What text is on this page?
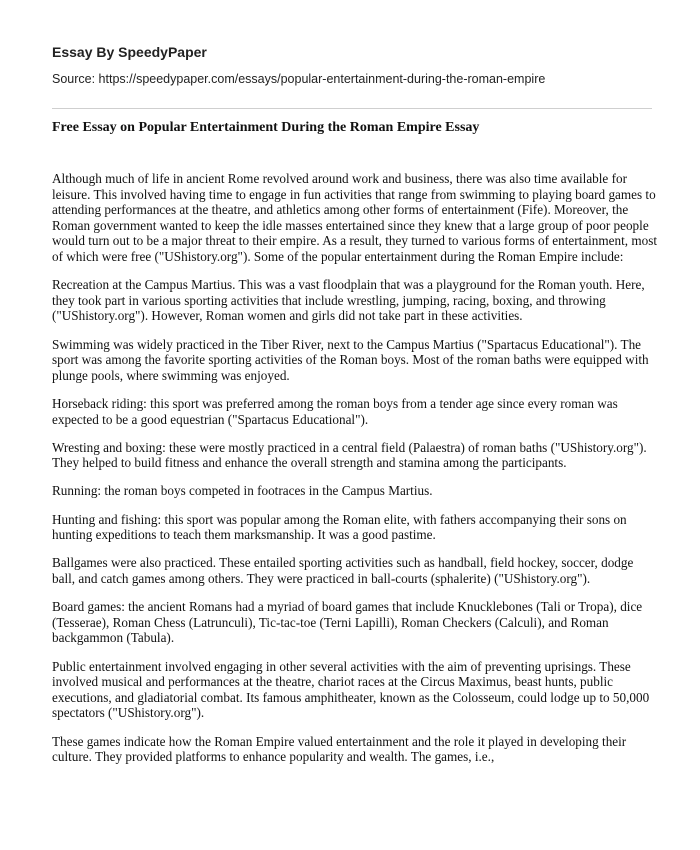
Essay By SpeedyPaper
Source: https://speedypaper.com/essays/popular-entertainment-during-the-roman-empire
Free Essay on Popular Entertainment During the Roman Empire Essay

Although much of life in ancient Rome revolved around work and business, there was also time available for leisure. This involved having time to engage in fun activities that range from swimming to playing board games to attending performances at the theatre, and athletics among other forms of entertainment (Fife). Moreover, the Roman government wanted to keep the idle masses entertained since they knew that a large group of poor people would turn out to be a major threat to their empire. As a result, they turned to various forms of entertainment, most of which were free ("UShistory.org"). Some of the popular entertainment during the Roman Empire include:

Recreation at the Campus Martius. This was a vast floodplain that was a playground for the Roman youth. Here, they took part in various sporting activities that include wrestling, jumping, racing, boxing, and throwing ("UShistory.org"). However, Roman women and girls did not take part in these activities.

Swimming was widely practiced in the Tiber River, next to the Campus Martius ("Spartacus Educational"). The sport was among the favorite sporting activities of the Roman boys. Most of the roman baths were equipped with plunge pools, where swimming was enjoyed.

Horseback riding: this sport was preferred among the roman boys from a tender age since every roman was expected to be a good equestrian ("Spartacus Educational").

Wresting and boxing: these were mostly practiced in a central field (Palaestra) of roman baths ("UShistory.org"). They helped to build fitness and enhance the overall strength and stamina among the participants.

Running: the roman boys competed in footraces in the Campus Martius.

Hunting and fishing: this sport was popular among the Roman elite, with fathers accompanying their sons on hunting expeditions to teach them marksmanship. It was a good pastime.

Ballgames were also practiced. These entailed sporting activities such as handball, field hockey, soccer, dodge ball, and catch games among others. They were practiced in ball-courts (sphalerite) ("UShistory.org").

Board games: the ancient Romans had a myriad of board games that include Knucklebones (Tali or Tropa), dice (Tesserae), Roman Chess (Latrunculi), Tic-tac-toe (Terni Lapilli), Roman Checkers (Calculi), and Roman backgammon (Tabula).

Public entertainment involved engaging in other several activities with the aim of preventing uprisings. These involved musical and performances at the theatre, chariot races at the Circus Maximus, beast hunts, public executions, and gladiatorial combat. Its famous amphitheater, known as the Colosseum, could lodge up to 50,000 spectators ("UShistory.org").

These games indicate how the Roman Empire valued entertainment and the role it played in developing their culture. They provided platforms to enhance popularity and wealth. The games, i.e.,
